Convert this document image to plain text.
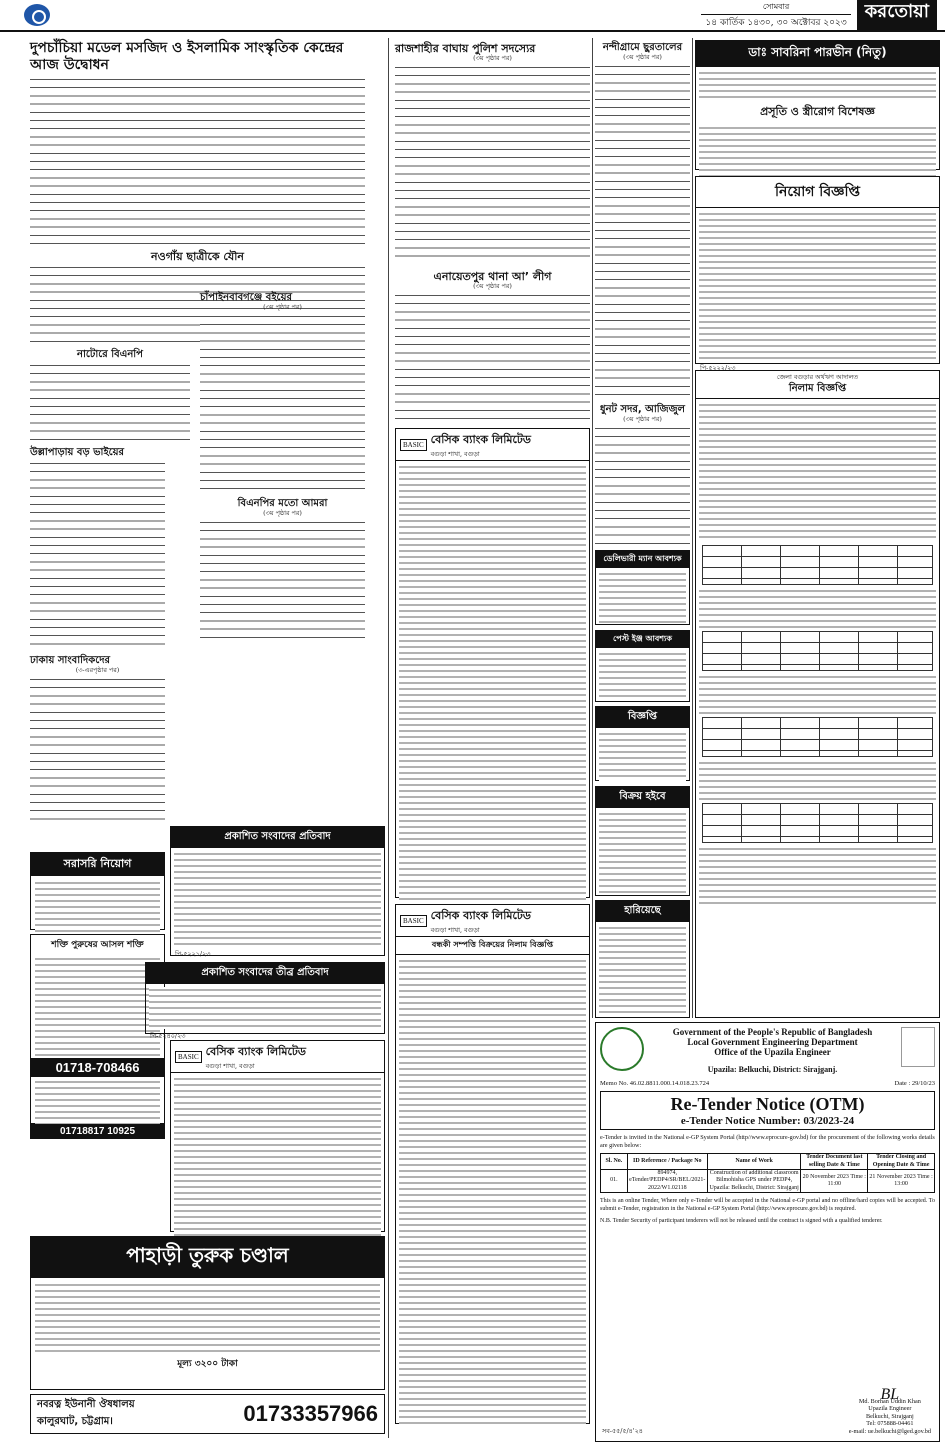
সোমবার
১৪ কার্তিক ১৪৩০, ৩০ অক্টোবর ২০২৩
করতোয়া
দুপচাঁচিয়া মডেল মসজিদ ও ইসলামিক সাংস্কৃতিক কেন্দ্রের আজ উদ্বোধন
নওগাঁয় ছাত্রীকে যৌন
নাটোরে বিএনপি
উল্লাপাড়ায় বড় ভাইয়ের
ঢাকায় সাংবাদিকদের
(৩-এরপৃষ্ঠার পর)
সরাসরি নিয়োগ
শক্তি পুরুষের আসল শক্তি
01718-708466
01718817 10925
চাঁপাইনবাবগঞ্জে বইয়ের
(৩য় পৃষ্ঠার পর)
বিএনপির মতো আমরা
(৩য় পৃষ্ঠার পর)
প্রকাশিত সংবাদের প্রতিবাদ
পি-৫২২১/২৩
প্রকাশিত সংবাদের তীব্র প্রতিবাদ
পি-৫২৪০/২৩
BASIC বেসিক ব্যাংক লিমিটেড
বগুড়া শাখা, বগুড়া
পাহাড়ী তুরুক চণ্ডাল
মূল্য ৩২০০ টাকা
নবরত্ন ইউনানী ঔষধালয়
কালুরঘাট, চট্টগ্রাম।	01733357966
রাজশাহীর বাঘায় পুলিশ সদস্যের
(৩য় পৃষ্ঠার পর)
এনায়েতপুর থানা আ’ লীগ
(৩য় পৃষ্ঠার পর)
BASIC বেসিক ব্যাংক লিমিটেড
বগুড়া শাখা, বগুড়া
BASIC বেসিক ব্যাংক লিমিটেড
বগুড়া শাখা, বগুড়া
বন্ধকী সম্পত্তি বিক্রয়ের নিলাম বিজ্ঞপ্তি
নন্দীগ্রামে ছুরতালের
(৩য় পৃষ্ঠার পর)
ধুনট সদর, আজিজুল
(৩য় পৃষ্ঠার পর)
ডেলিভারী ম্যান আবশ্যক
পেস্ট ইঞ্জ আবশ্যক
বিজ্ঞপ্তি
বিক্রয় হইবে
হারিয়েছে
ডাঃ সাবরিনা পারভীন (নিতু)
প্রসূতি ও স্ত্রীরোগ বিশেষজ্ঞ
নিয়োগ বিজ্ঞপ্তি
পি-৫২২২/২৩
জেলা বগুড়ার অর্থঋণ আদালত
নিলাম বিজ্ঞপ্তি
Government of the People's Republic of Bangladesh
Local Government Engineering Department
Office of the Upazila Engineer
Upazila: Belkuchi, District: Sirajganj.
Memo No. 46.02.8811.000.14.018.23.724	Date : 29/10/23
Re-Tender Notice (OTM)
e-Tender Notice Number: 03/2023-24
e-Tender is invited in the National e-GP System Portal (http//www.eprocure-gov.bd) for the procurement of the following works details are given below:
Sl. No.	ID Reference / Package No	Name of Work	Tender Document last selling Date & Time	Tender Closing and Opening Date & Time
01.	894974, eTender/PEDP4/SR/BEL/2021-2022/W1.02118	Construction of additional classroom Bilmohisha GPS under PEDP4, Upazila: Belkuchi, District: Sirajganj	20 November 2023 Time : 11:00	21 November 2023 Time : 13:00
This is an online Tender, Where only e-Tender will be accepted in the National e-GP portal and no offline/hard copies will be accepted. To submit e-Tender, registration in the National e-GP System Portal (http://www.eprocure.gov.bd) is required.
N.B. Tender Security of participant tenderers will not be released until the contract is signed with a qualified tenderer.
BL
Md. Borhan Uddin Khan
Upazila Engineer
Belkuchi, Sirajganj
Tel: 075888-04461
e-mail: ue.belkuchi@lged.gov.bd
সব-৫৫/৫/৪'২৪
